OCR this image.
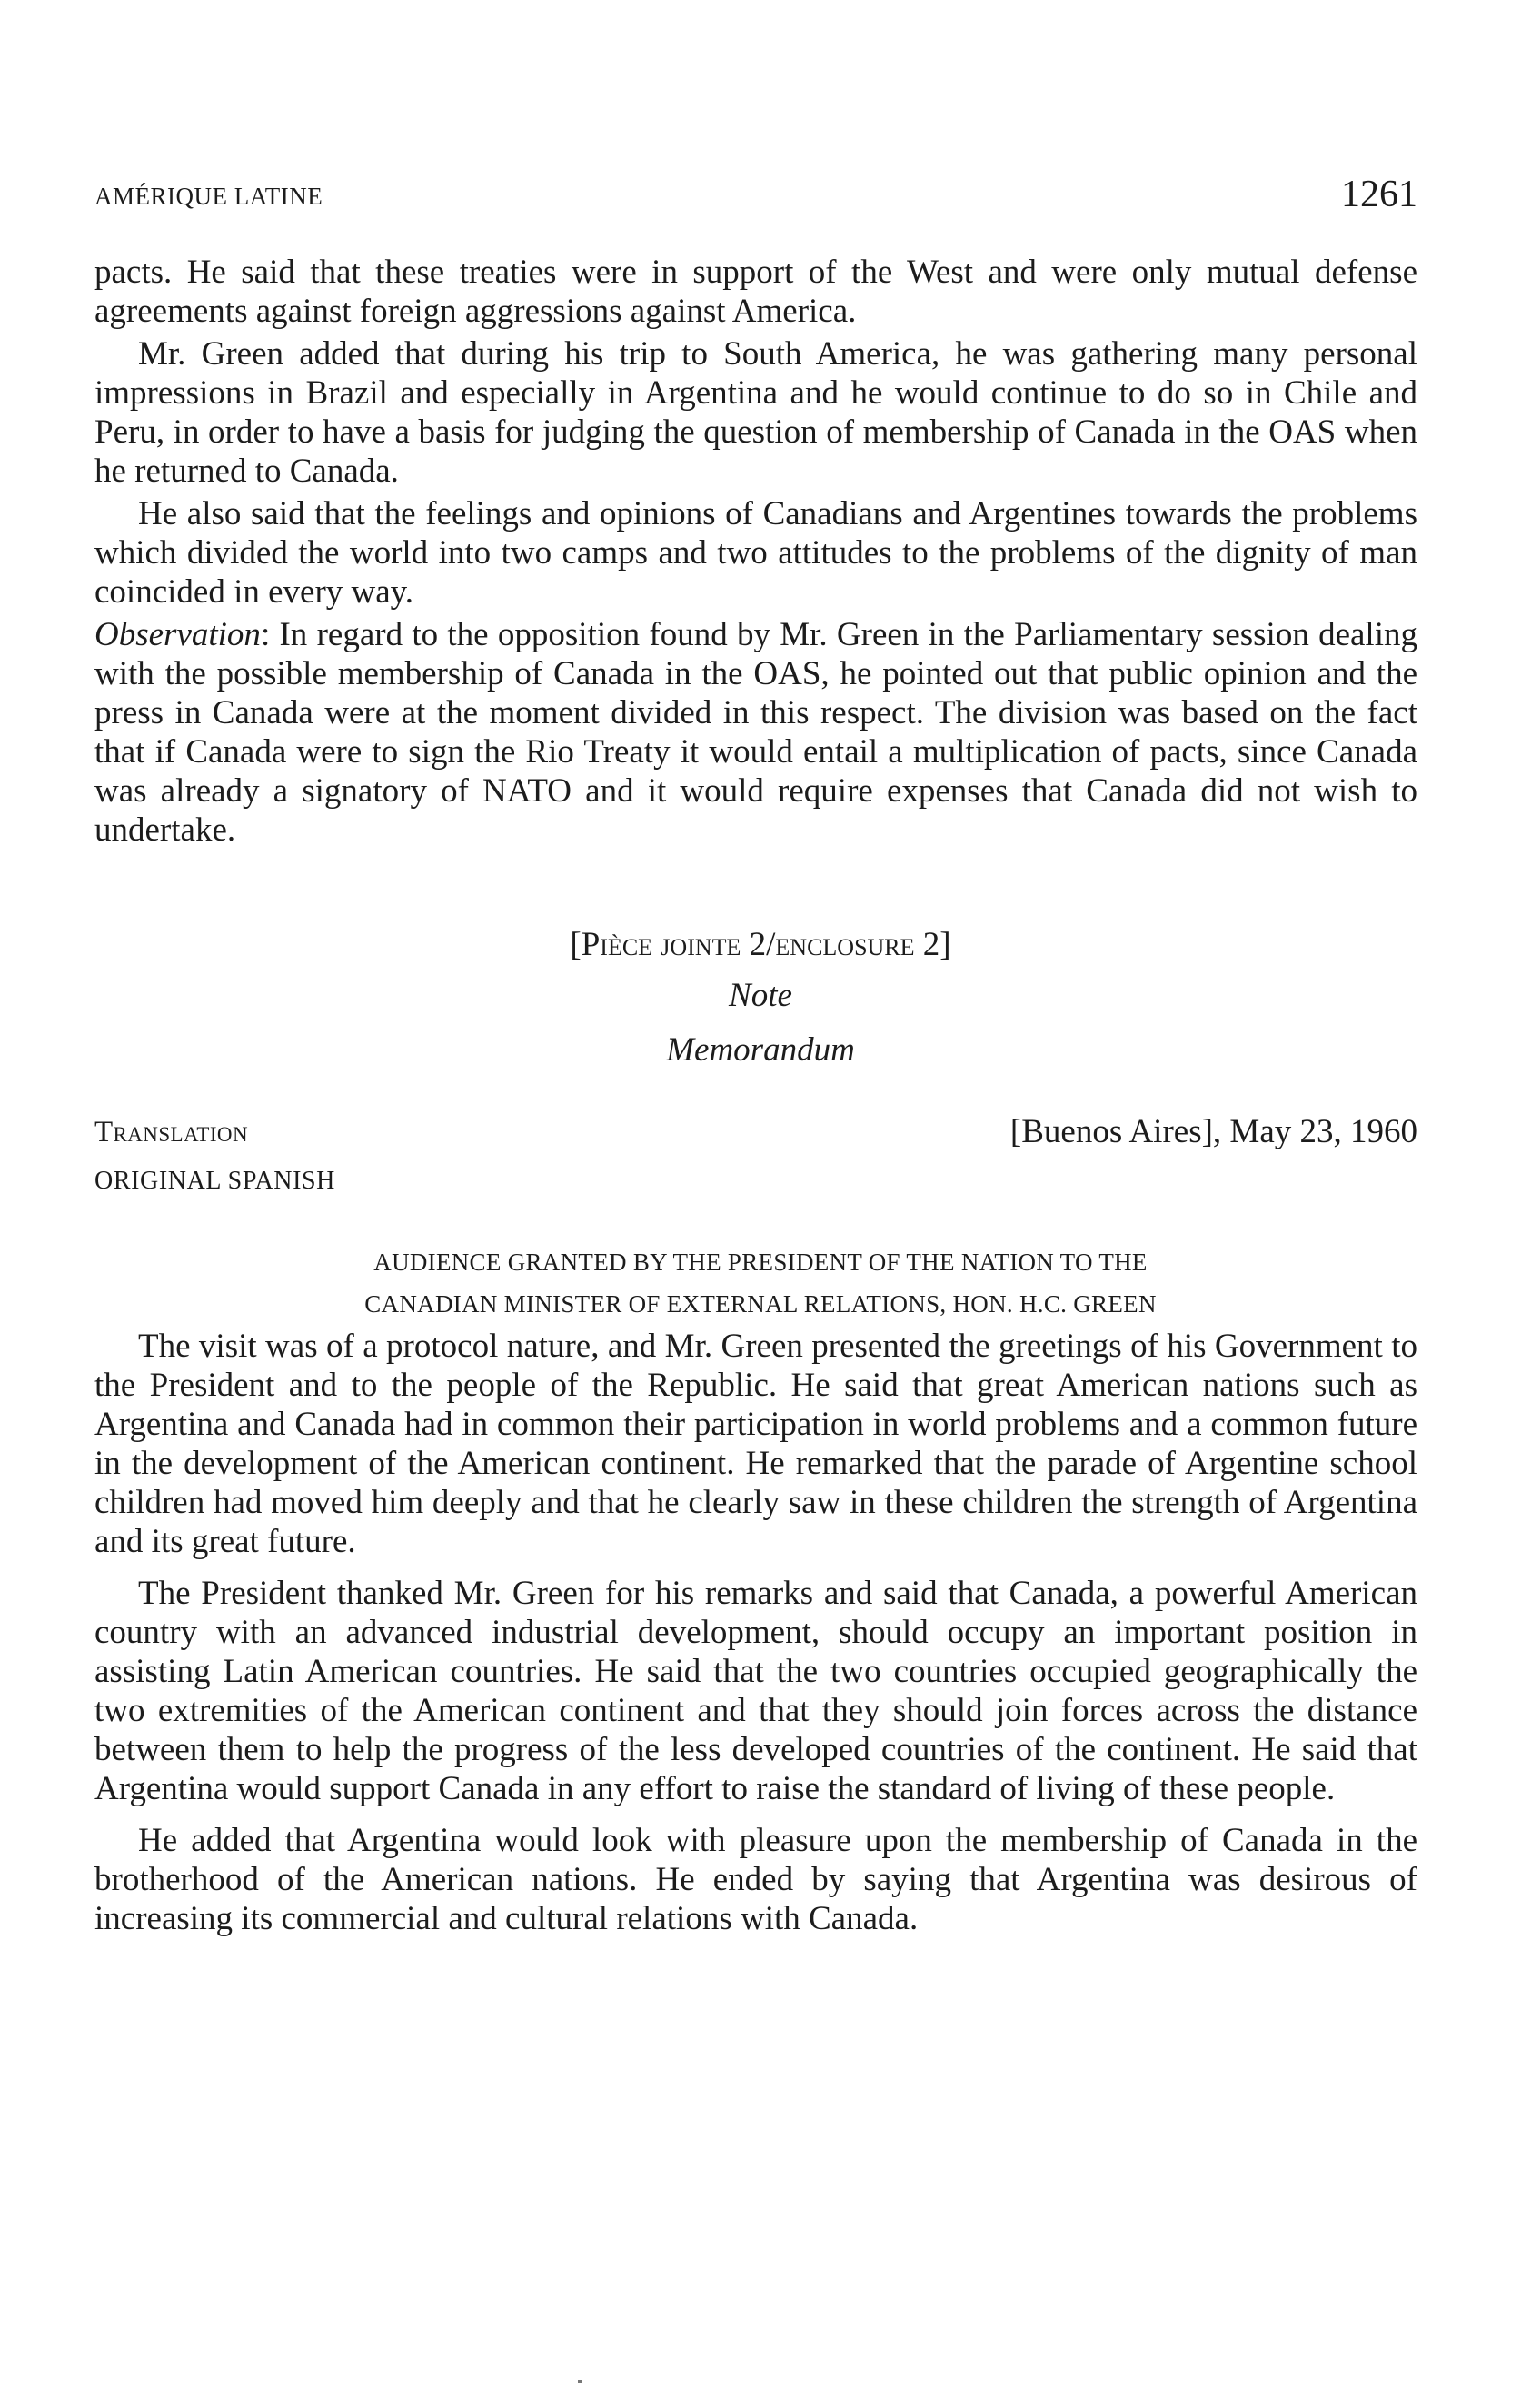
AMÉRIQUE LATINE	1261

pacts. He said that these treaties were in support of the West and were only mutual defense agreements against foreign aggressions against America.

Mr. Green added that during his trip to South America, he was gathering many personal impressions in Brazil and especially in Argentina and he would continue to do so in Chile and Peru, in order to have a basis for judging the question of membership of Canada in the OAS when he returned to Canada.

He also said that the feelings and opinions of Canadians and Argentines towards the problems which divided the world into two camps and two attitudes to the problems of the dignity of man coincided in every way.

Observation: In regard to the opposition found by Mr. Green in the Parliamentary session dealing with the possible membership of Canada in the OAS, he pointed out that public opinion and the press in Canada were at the moment divided in this respect. The division was based on the fact that if Canada were to sign the Rio Treaty it would entail a multiplication of pacts, since Canada was already a signatory of NATO and it would require expenses that Canada did not wish to undertake.

[Pièce jointe 2/enclosure 2]
Note
Memorandum
Translation
ORIGINAL SPANISH
[Buenos Aires], May 23, 1960
AUDIENCE GRANTED BY THE PRESIDENT OF THE NATION TO THE
CANADIAN MINISTER OF EXTERNAL RELATIONS, HON. H.C. GREEN

The visit was of a protocol nature, and Mr. Green presented the greetings of his Government to the President and to the people of the Republic. He said that great American nations such as Argentina and Canada had in common their participation in world problems and a common future in the development of the American continent. He remarked that the parade of Argentine school children had moved him deeply and that he clearly saw in these children the strength of Argentina and its great future.

The President thanked Mr. Green for his remarks and said that Canada, a powerful American country with an advanced industrial development, should occupy an important position in assisting Latin American countries. He said that the two countries occupied geographically the two extremities of the American continent and that they should join forces across the distance between them to help the progress of the less developed countries of the continent. He said that Argentina would support Canada in any effort to raise the standard of living of these people.

He added that Argentina would look with pleasure upon the membership of Canada in the brotherhood of the American nations. He ended by saying that Argentina was desirous of increasing its commercial and cultural relations with Canada.
